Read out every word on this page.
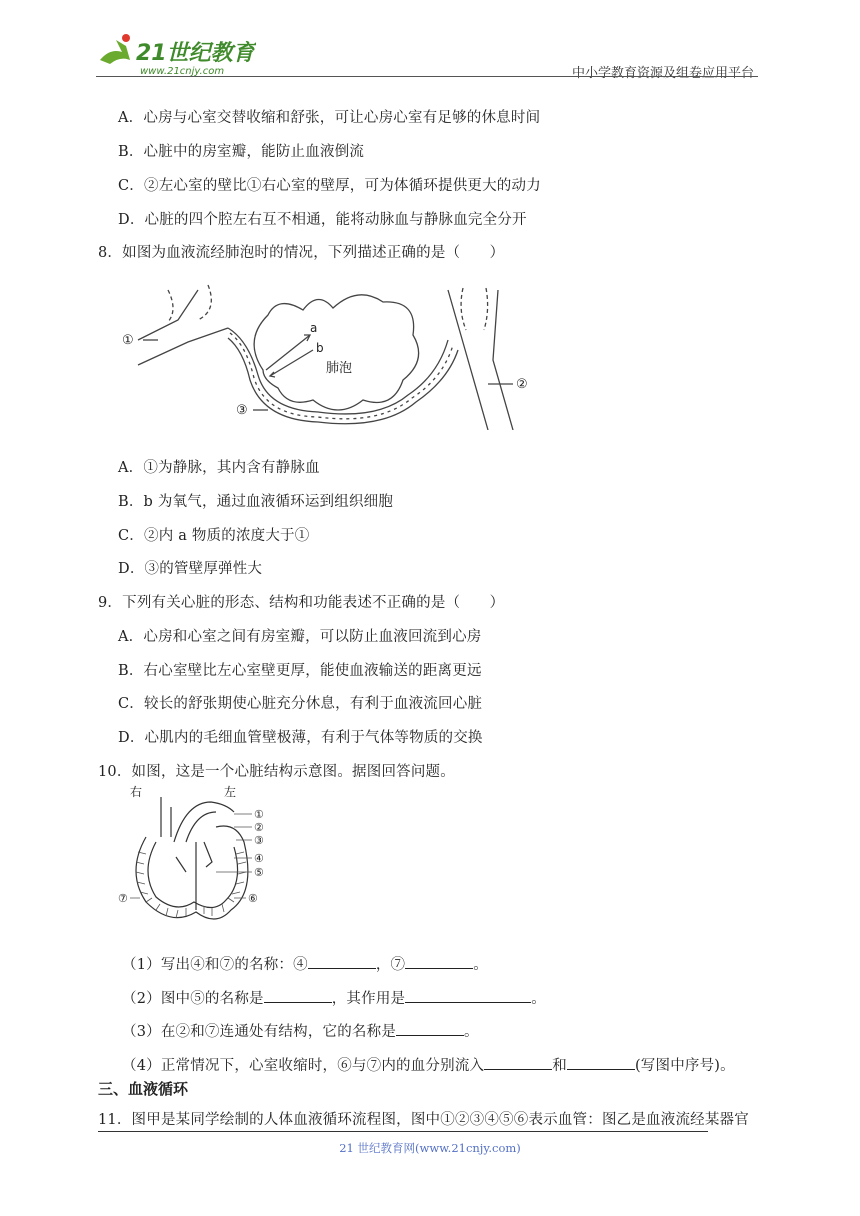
21世纪教育
www.21cnjy.com	中小学教育资源及组卷应用平台
A．心房与心室交替收缩和舒张，可让心房心室有足够的休息时间
B．心脏中的房室瓣，能防止血液倒流
C．②左心室的壁比①右心室的壁厚，可为体循环提供更大的动力
D．心脏的四个腔左右互不相通，能将动脉血与静脉血完全分开
8．如图为血液流经肺泡时的情况，下列描述正确的是（　　）
①
②
③
a
b
肺泡
A．①为静脉，其内含有静脉血
B．b 为氧气，通过血液循环运到组织细胞
C．②内 a 物质的浓度大于①
D．③的管壁厚弹性大
9．下列有关心脏的形态、结构和功能表述不正确的是（　　）
A．心房和心室之间有房室瓣，可以防止血液回流到心房
B．右心室壁比左心室壁更厚，能使血液输送的距离更远
C．较长的舒张期使心脏充分休息，有利于血液流回心脏
D．心肌内的毛细血管壁极薄，有利于气体等物质的交换
10．如图，这是一个心脏结构示意图。据图回答问题。
右	左
①
②
③
④
⑤
⑥
⑦
（1）写出④和⑦的名称：④	，⑦	。
（2）图中⑤的名称是	，其作用是	。
（3）在②和⑦连通处有结构，它的名称是	。
（4）正常情况下，心室收缩时，⑥与⑦内的血分别流入	和	(写图中序号)。
三、血液循环
11．图甲是某同学绘制的人体血液循环流程图，图中①②③④⑤⑥表示血管：图乙是血液流经某器官
21 世纪教育网(www.21cnjy.com)
